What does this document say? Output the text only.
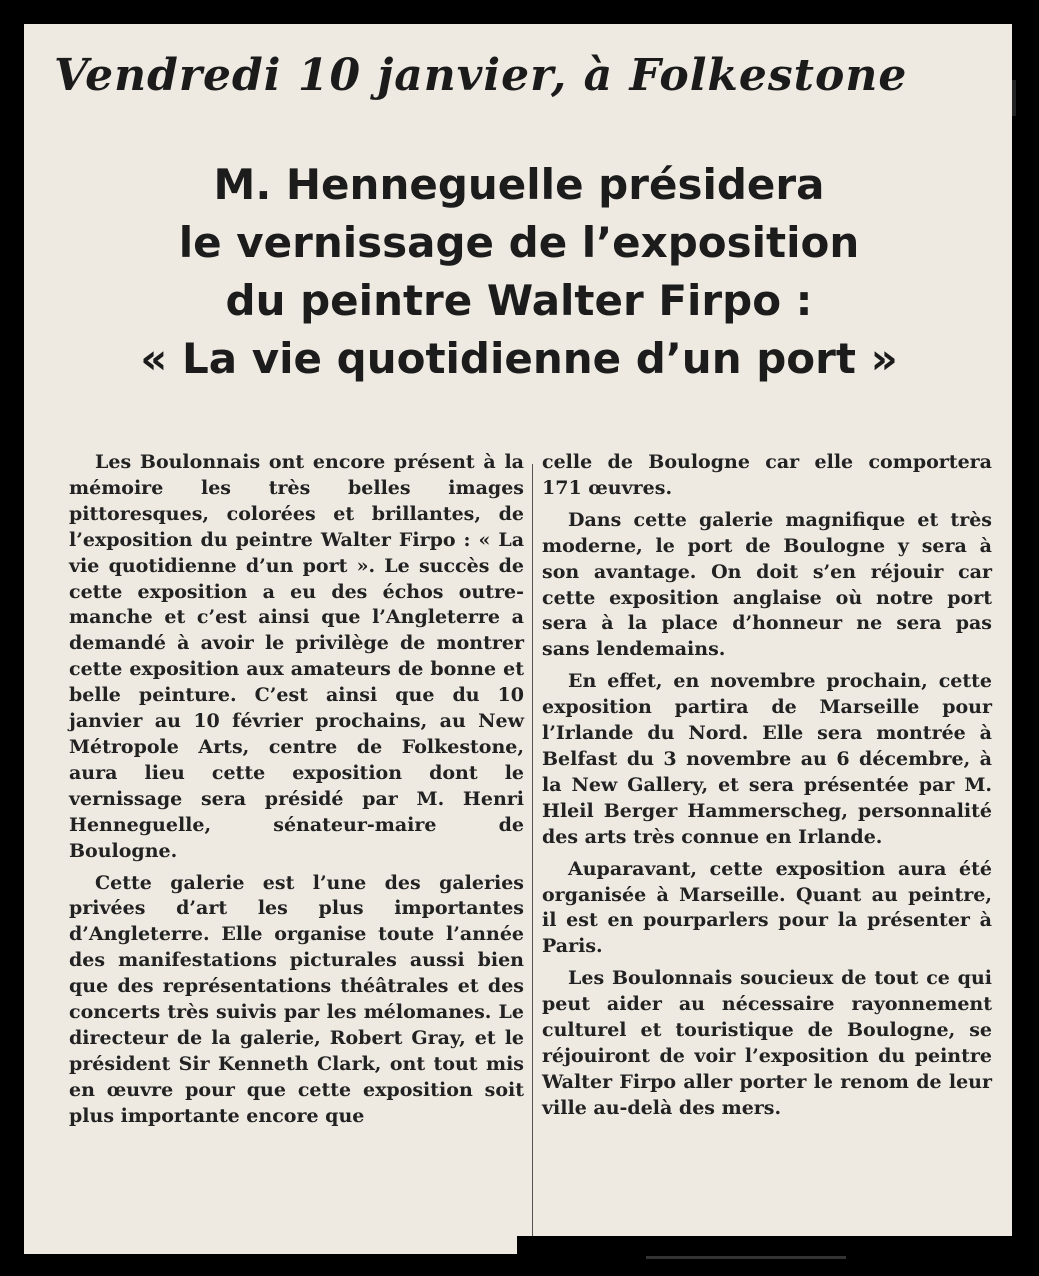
Vendredi 10 janvier, à Folkestone
M. Henneguelle présidera
le vernissage de l’exposition
du peintre Walter Firpo :
« La vie quotidienne d’un port »

Les Boulonnais ont encore présent à la mémoire les très belles images pittoresques, colorées et brillantes, de l’exposition du peintre Walter Firpo : « La vie quotidienne d’un port ». Le succès de cette exposition a eu des échos outre-manche et c’est ainsi que l’Angleterre a demandé à avoir le privilège de montrer cette exposition aux amateurs de bonne et belle peinture. C’est ainsi que du 10 janvier au 10 février prochains, au New Métropole Arts, centre de Folkestone, aura lieu cette exposition dont le vernissage sera présidé par M. Henri Henneguelle, sénateur-maire de Boulogne.

Cette galerie est l’une des galeries privées d’art les plus importantes d’Angleterre. Elle organise toute l’année des manifestations picturales aussi bien que des représentations théâtrales et des concerts très suivis par les mélomanes. Le directeur de la galerie, Robert Gray, et le président Sir Kenneth Clark, ont tout mis en œuvre pour que cette exposition soit plus importante encore que

celle de Boulogne car elle comportera 171 œuvres.

Dans cette galerie magnifique et très moderne, le port de Boulogne y sera à son avantage. On doit s’en réjouir car cette exposition anglaise où notre port sera à la place d’honneur ne sera pas sans lendemains.

En effet, en novembre prochain, cette exposition partira de Marseille pour l’Irlande du Nord. Elle sera montrée à Belfast du 3 novembre au 6 décembre, à la New Gallery, et sera présentée par M. Hleil Berger Hammerscheg, personnalité des arts très connue en Irlande.

Auparavant, cette exposition aura été organisée à Marseille. Quant au peintre, il est en pourparlers pour la présenter à Paris.

Les Boulonnais soucieux de tout ce qui peut aider au nécessaire rayonnement culturel et touristique de Boulogne, se réjouiront de voir l’exposition du peintre Walter Firpo aller porter le renom de leur ville au-delà des mers.
